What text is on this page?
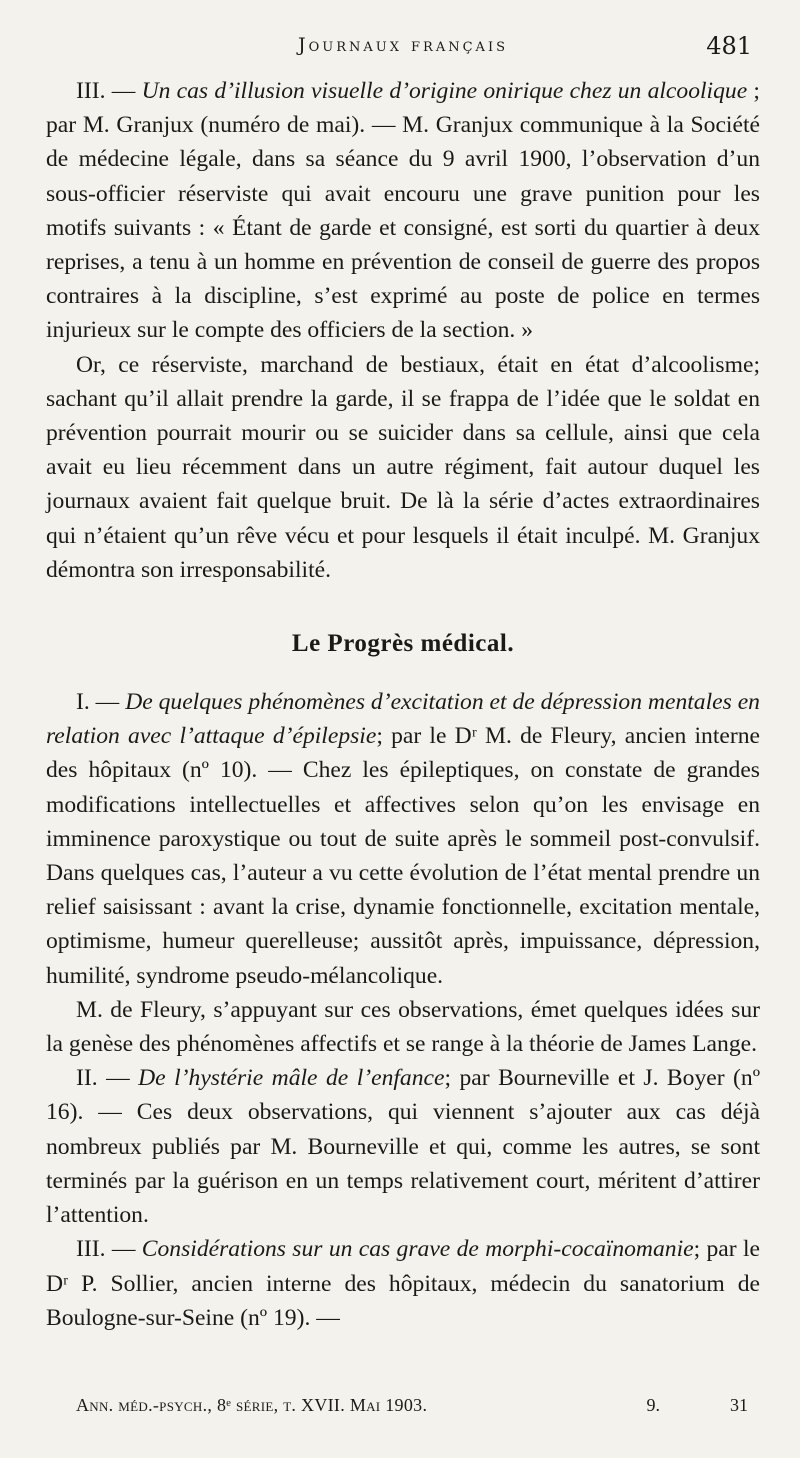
Journaux français	481

III. — Un cas d’illusion visuelle d’origine onirique chez un alcoolique ; par M. Granjux (numéro de mai). — M. Granjux communique à la Société de médecine légale, dans sa séance du 9 avril 1900, l’observation d’un sous-officier réserviste qui avait encouru une grave punition pour les motifs suivants : « Étant de garde et consigné, est sorti du quartier à deux reprises, a tenu à un homme en prévention de conseil de guerre des propos contraires à la discipline, s’est exprimé au poste de police en termes injurieux sur le compte des officiers de la section. »

Or, ce réserviste, marchand de bestiaux, était en état d’alcoolisme; sachant qu’il allait prendre la garde, il se frappa de l’idée que le soldat en prévention pourrait mourir ou se suicider dans sa cellule, ainsi que cela avait eu lieu récemment dans un autre régiment, fait autour duquel les journaux avaient fait quelque bruit. De là la série d’actes extraordinaires qui n’étaient qu’un rêve vécu et pour lesquels il était inculpé. M. Granjux démontra son irresponsabilité.

Le Progrès médical.

I. — De quelques phénomènes d’excitation et de dépression mentales en relation avec l’attaque d’épilepsie; par le Dʳ M. de Fleury, ancien interne des hôpitaux (nº 10). — Chez les épileptiques, on constate de grandes modifications intellectuelles et affectives selon qu’on les envisage en imminence paroxystique ou tout de suite après le sommeil post-convulsif. Dans quelques cas, l’auteur a vu cette évolution de l’état mental prendre un relief saisissant : avant la crise, dynamie fonctionnelle, excitation mentale, optimisme, humeur querelleuse; aussitôt après, impuissance, dépression, humilité, syndrome pseudo-mélancolique.

M. de Fleury, s’appuyant sur ces observations, émet quelques idées sur la genèse des phénomènes affectifs et se range à la théorie de James Lange.

II. — De l’hystérie mâle de l’enfance; par Bourneville et J. Boyer (nº 16). — Ces deux observations, qui viennent s’ajouter aux cas déjà nombreux publiés par M. Bourneville et qui, comme les autres, se sont terminés par la guérison en un temps relativement court, méritent d’attirer l’attention.

III. — Considérations sur un cas grave de morphi-cocaïnomanie; par le Dʳ P. Sollier, ancien interne des hôpitaux, médecin du sanatorium de Boulogne-sur-Seine (nº 19). —

Ann. méd.-psych., 8ᵉ série, t. XVII. Mai 1903.	9.	31
